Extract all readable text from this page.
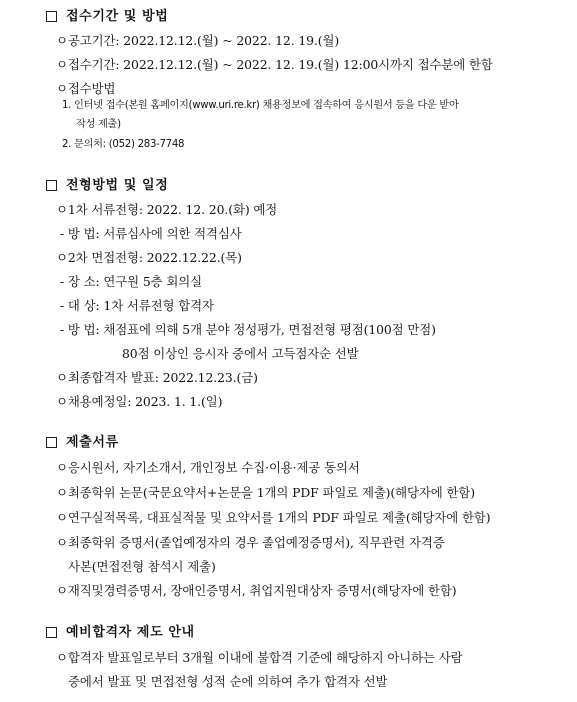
접수기간 및 방법
ㅇ공고기간: 2022.12.12.(월) ~ 2022. 12. 19.(월)
ㅇ접수기간: 2022.12.12.(월) ~ 2022. 12. 19.(월) 12:00시까지 접수분에 한함
ㅇ접수방법
1. 인터넷 접수(본원 홈페이지(www.uri.re.kr) 채용정보에 접속하여 응시원서 등을 다운 받아
작성 제출)
2. 문의처: (052) 283-7748
전형방법 및 일정
ㅇ1차 서류전형: 2022. 12. 20.(화) 예정
- 방 법: 서류심사에 의한 적격심사
ㅇ2차 면접전형: 2022.12.22.(목)
- 장 소: 연구원 5층 회의실
- 대 상: 1차 서류전형 합격자
- 방 법: 채점표에 의해 5개 분야 정성평가, 면접전형 평점(100점 만점)
80점 이상인 응시자 중에서 고득점자순 선발
ㅇ최종합격자 발표: 2022.12.23.(금)
ㅇ채용예정일: 2023. 1. 1.(일)
제출서류
ㅇ응시원서, 자기소개서, 개인정보 수집·이용·제공 동의서
ㅇ최종학위 논문(국문요약서+논문을 1개의 PDF 파일로 제출)(해당자에 한함)
ㅇ연구실적목록, 대표실적물 및 요약서를 1개의 PDF 파일로 제출(해당자에 한함)
ㅇ최종학위 증명서(졸업예정자의 경우 졸업예정증명서), 직무관련 자격증
사본(면접전형 참석시 제출)
ㅇ재직및경력증명서, 장애인증명서, 취업지원대상자 증명서(해당자에 한함)
예비합격자 제도 안내
ㅇ합격자 발표일로부터 3개월 이내에 불합격 기준에 해당하지 아니하는 사람
중에서 발표 및 면접전형 성적 순에 의하여 추가 합격자 선발
